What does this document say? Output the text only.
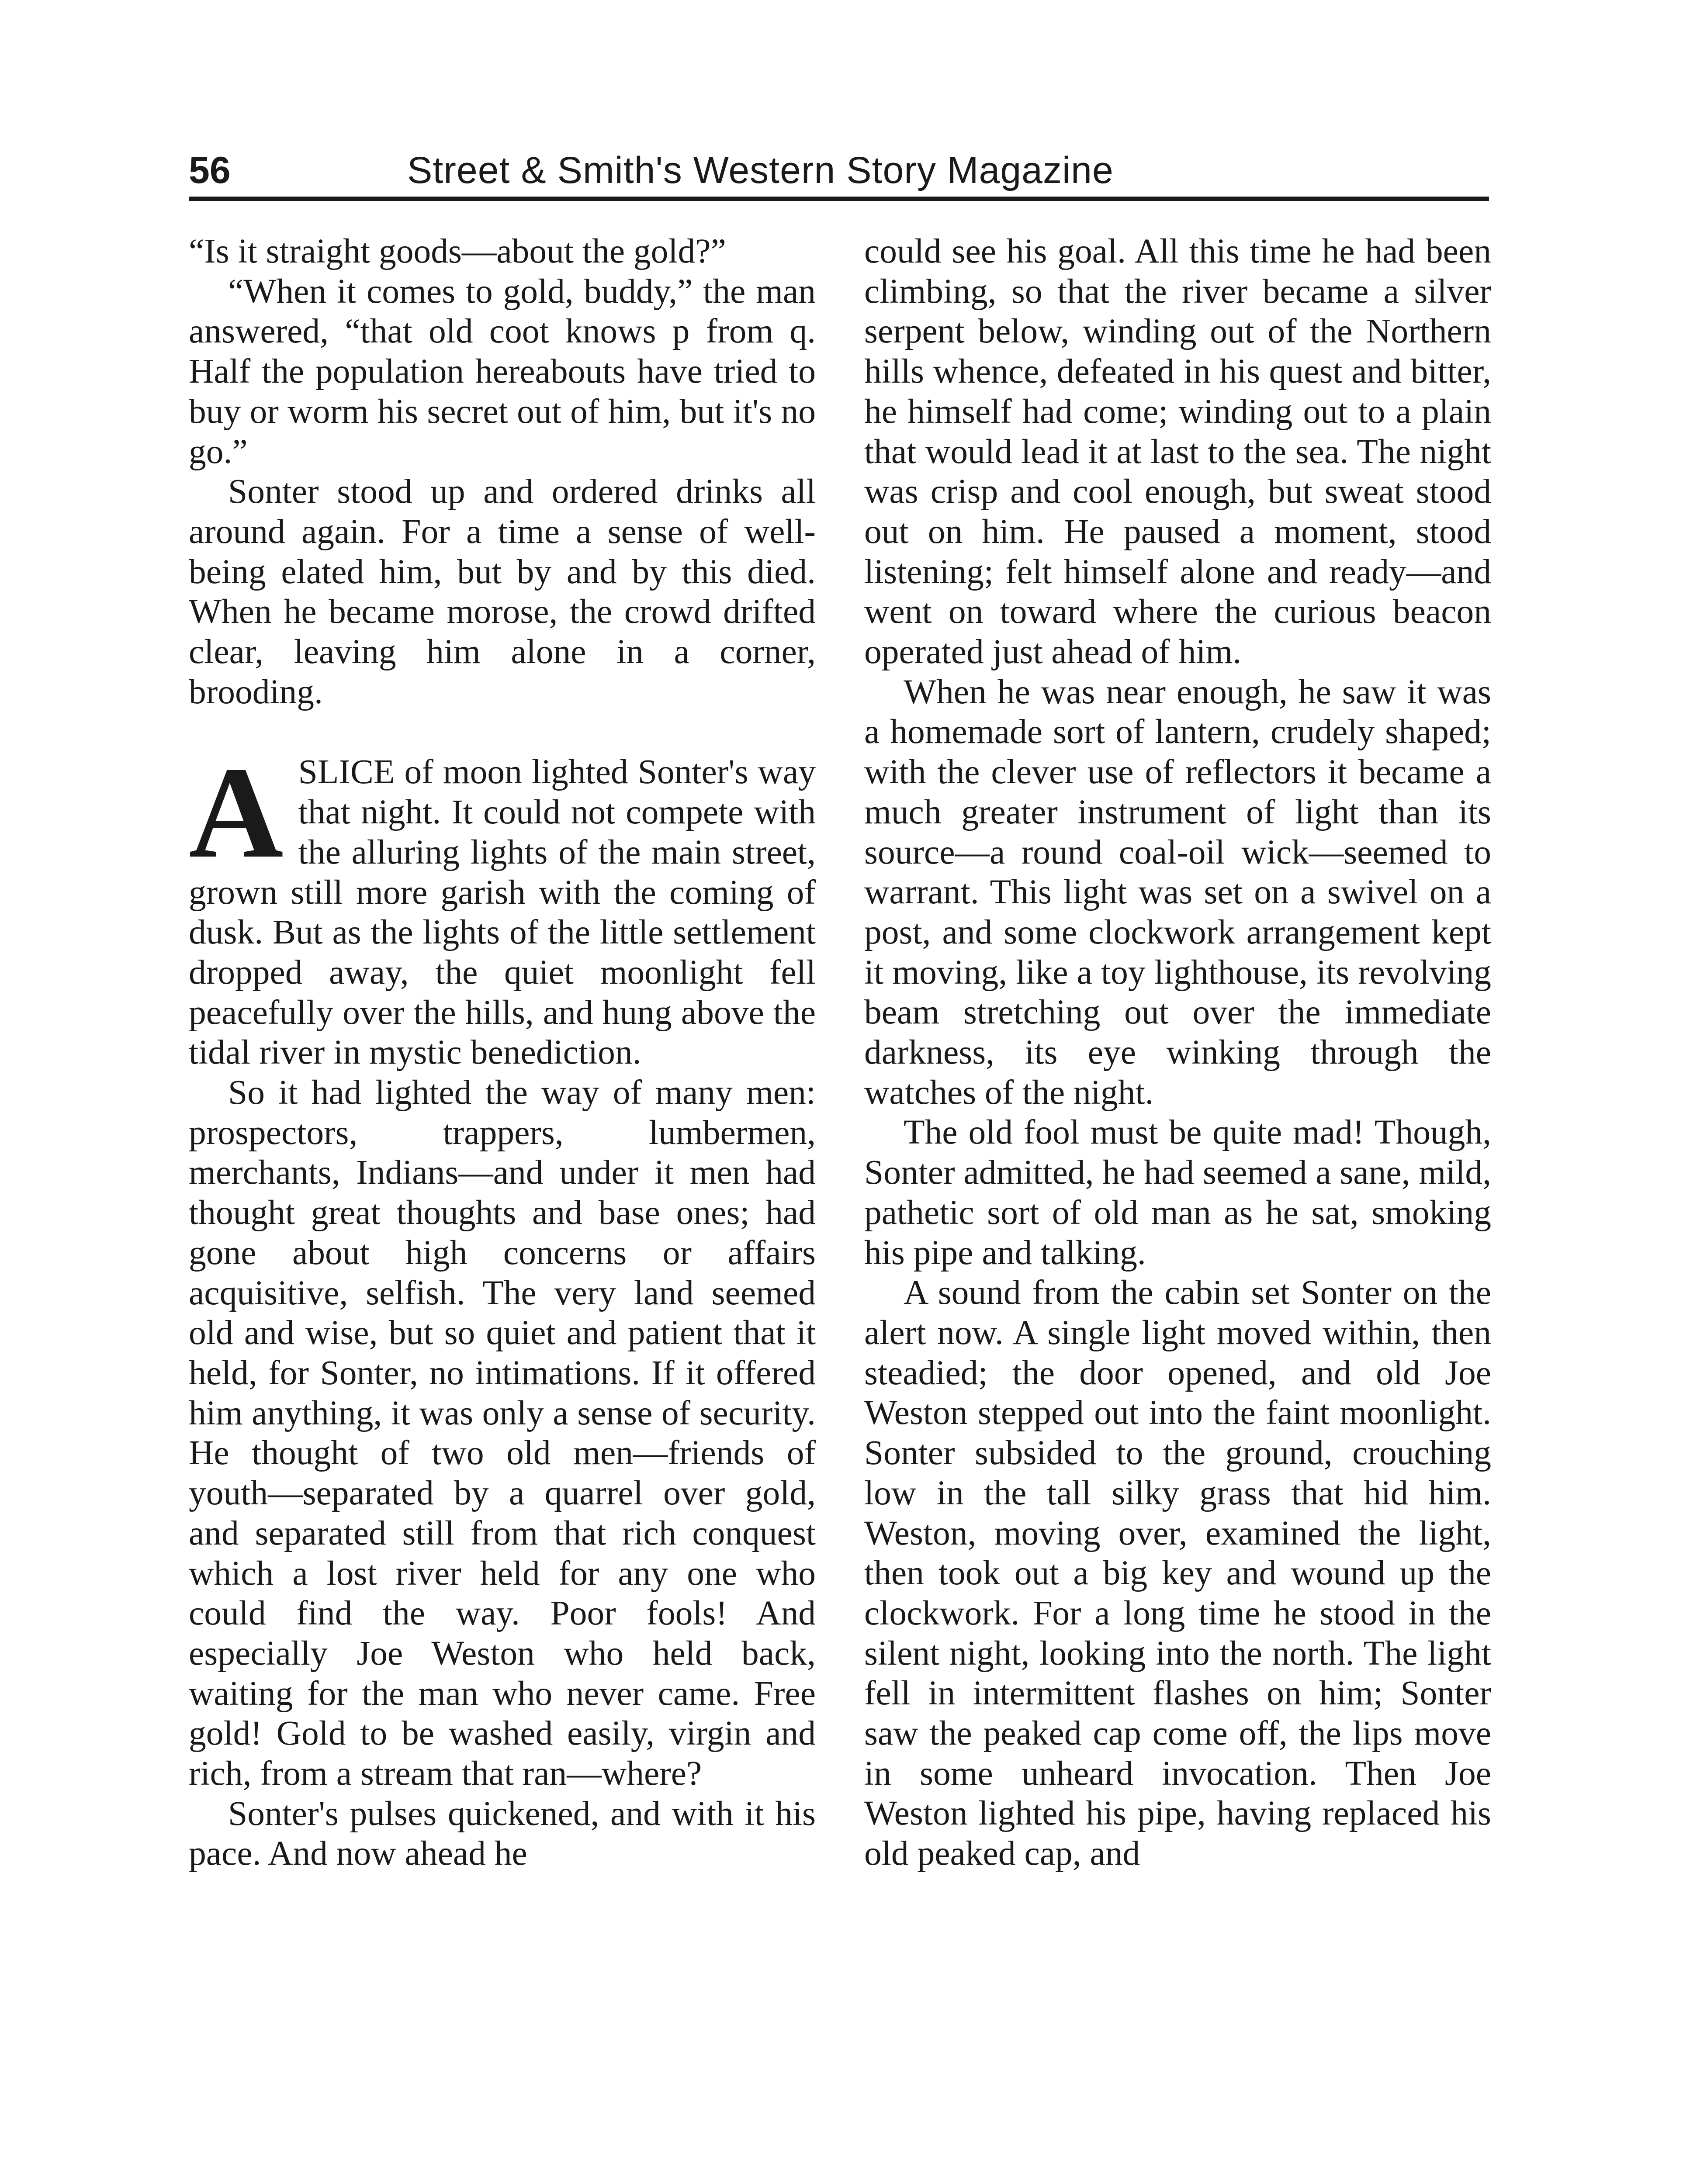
56	Street & Smith's Western Story Magazine

“Is it straight goods—about the gold?”

“When it comes to gold, buddy,” the man answered, “that old coot knows p from q. Half the population hereabouts have tried to buy or worm his secret out of him, but it's no go.”

Sonter stood up and ordered drinks all around again. For a time a sense of well-being elated him, but by and by this died. When he became morose, the crowd drifted clear, leaving him alone in a corner, brooding.

ASLICE of moon lighted Sonter's way that night. It could not compete with the alluring lights of the main street, grown still more garish with the coming of dusk. But as the lights of the little settlement dropped away, the quiet moonlight fell peacefully over the hills, and hung above the tidal river in mystic benediction.

So it had lighted the way of many men: prospectors, trappers, lumbermen, merchants, Indians—and under it men had thought great thoughts and base ones; had gone about high concerns or affairs acquisitive, selfish. The very land seemed old and wise, but so quiet and patient that it held, for Sonter, no intimations. If it offered him anything, it was only a sense of security. He thought of two old men—friends of youth—separated by a quarrel over gold, and separated still from that rich conquest which a lost river held for any one who could find the way. Poor fools! And especially Joe Weston who held back, waiting for the man who never came. Free gold! Gold to be washed easily, virgin and rich, from a stream that ran—where?

Sonter's pulses quickened, and with it his pace. And now ahead he

could see his goal. All this time he had been climbing, so that the river became a silver serpent below, winding out of the Northern hills whence, defeated in his quest and bitter, he himself had come; winding out to a plain that would lead it at last to the sea. The night was crisp and cool enough, but sweat stood out on him. He paused a moment, stood listening; felt himself alone and ready—and went on toward where the curious beacon operated just ahead of him.

When he was near enough, he saw it was a homemade sort of lantern, crudely shaped; with the clever use of reflectors it became a much greater instrument of light than its source—a round coal-oil wick—seemed to warrant. This light was set on a swivel on a post, and some clockwork arrangement kept it moving, like a toy lighthouse, its revolving beam stretching out over the immediate darkness, its eye winking through the watches of the night.

The old fool must be quite mad! Though, Sonter admitted, he had seemed a sane, mild, pathetic sort of old man as he sat, smoking his pipe and talking.

A sound from the cabin set Sonter on the alert now. A single light moved within, then steadied; the door opened, and old Joe Weston stepped out into the faint moonlight. Sonter subsided to the ground, crouching low in the tall silky grass that hid him. Weston, moving over, examined the light, then took out a big key and wound up the clockwork. For a long time he stood in the silent night, looking into the north. The light fell in intermittent flashes on him; Sonter saw the peaked cap come off, the lips move in some unheard invocation. Then Joe Weston lighted his pipe, having replaced his old peaked cap, and
